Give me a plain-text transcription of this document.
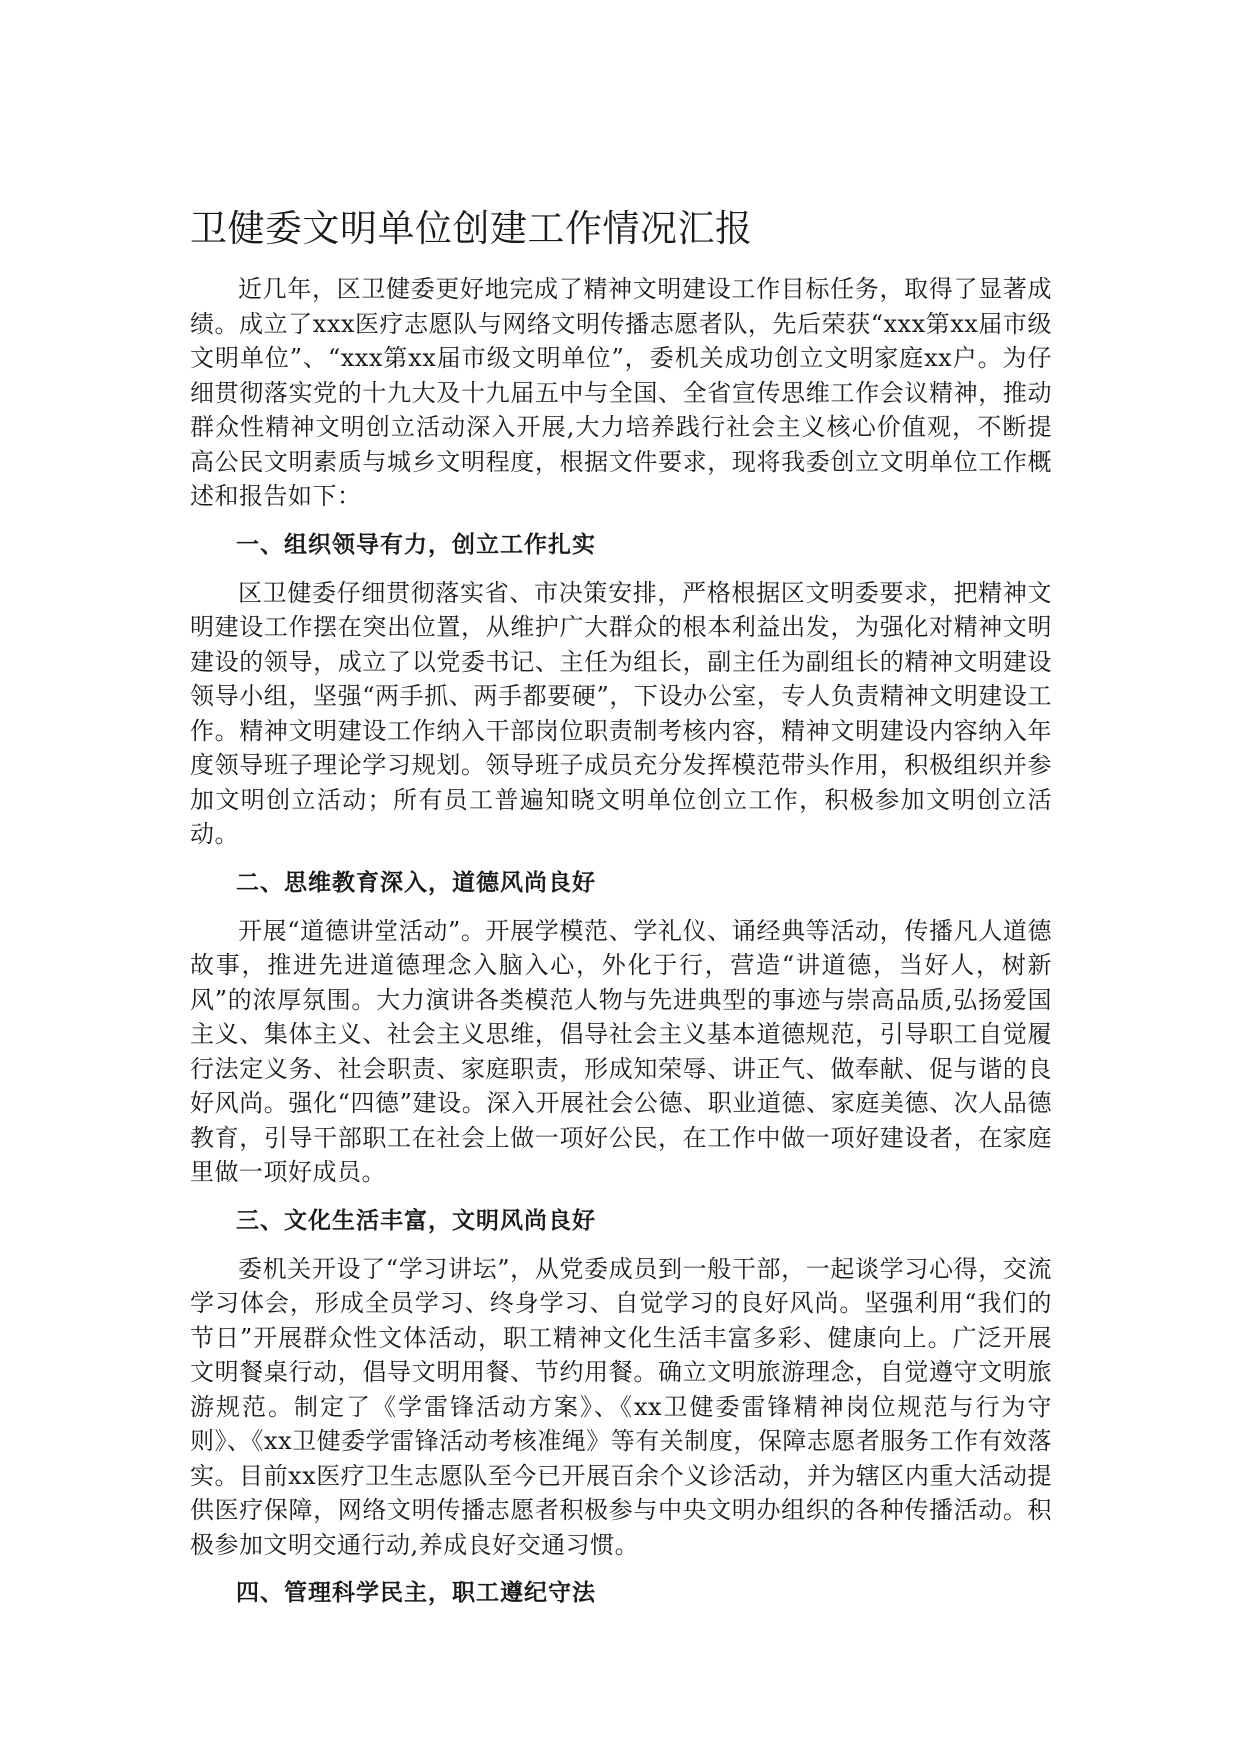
卫健委文明单位创建工作情况汇报

近几年，区卫健委更好地完成了精神文明建设工作目标任务，取得了显著成绩。成立了xxx医疗志愿队与网络文明传播志愿者队，先后荣获“xxx第xx届市级文明单位”、“xxx第xx届市级文明单位”，委机关成功创立文明家庭xx户。为仔细贯彻落实党的十九大及十九届五中与全国、全省宣传思维工作会议精神，推动群众性精神文明创立活动深入开展,大力培养践行社会主义核心价值观，不断提高公民文明素质与城乡文明程度，根据文件要求，现将我委创立文明单位工作概述和报告如下：

一、组织领导有力，创立工作扎实

区卫健委仔细贯彻落实省、市决策安排，严格根据区文明委要求，把精神文明建设工作摆在突出位置，从维护广大群众的根本利益出发，为强化对精神文明建设的领导，成立了以党委书记、主任为组长，副主任为副组长的精神文明建设领导小组，坚强“两手抓、两手都要硬”，下设办公室，专人负责精神文明建设工作。精神文明建设工作纳入干部岗位职责制考核内容，精神文明建设内容纳入年度领导班子理论学习规划。领导班子成员充分发挥模范带头作用，积极组织并参加文明创立活动；所有员工普遍知晓文明单位创立工作，积极参加文明创立活动。

二、思维教育深入，道德风尚良好

开展“道德讲堂活动”。开展学模范、学礼仪、诵经典等活动，传播凡人道德故事，推进先进道德理念入脑入心，外化于行，营造“讲道德，当好人，树新风”的浓厚氛围。大力演讲各类模范人物与先进典型的事迹与崇高品质,弘扬爱国主义、集体主义、社会主义思维，倡导社会主义基本道德规范，引导职工自觉履行法定义务、社会职责、家庭职责，形成知荣辱、讲正气、做奉献、促与谐的良好风尚。强化“四德”建设。深入开展社会公德、职业道德、家庭美德、次人品德教育，引导干部职工在社会上做一项好公民，在工作中做一项好建设者，在家庭里做一项好成员。

三、文化生活丰富，文明风尚良好

委机关开设了“学习讲坛”，从党委成员到一般干部，一起谈学习心得，交流学习体会，形成全员学习、终身学习、自觉学习的良好风尚。坚强利用“我们的节日”开展群众性文体活动，职工精神文化生活丰富多彩、健康向上。广泛开展文明餐桌行动，倡导文明用餐、节约用餐。确立文明旅游理念，自觉遵守文明旅游规范。制定了《学雷锋活动方案》、《xx卫健委雷锋精神岗位规范与行为守则》、《xx卫健委学雷锋活动考核准绳》等有关制度，保障志愿者服务工作有效落实。目前xx医疗卫生志愿队至今已开展百余个义诊活动，并为辖区内重大活动提供医疗保障，网络文明传播志愿者积极参与中央文明办组织的各种传播活动。积极参加文明交通行动,养成良好交通习惯。

四、管理科学民主，职工遵纪守法
